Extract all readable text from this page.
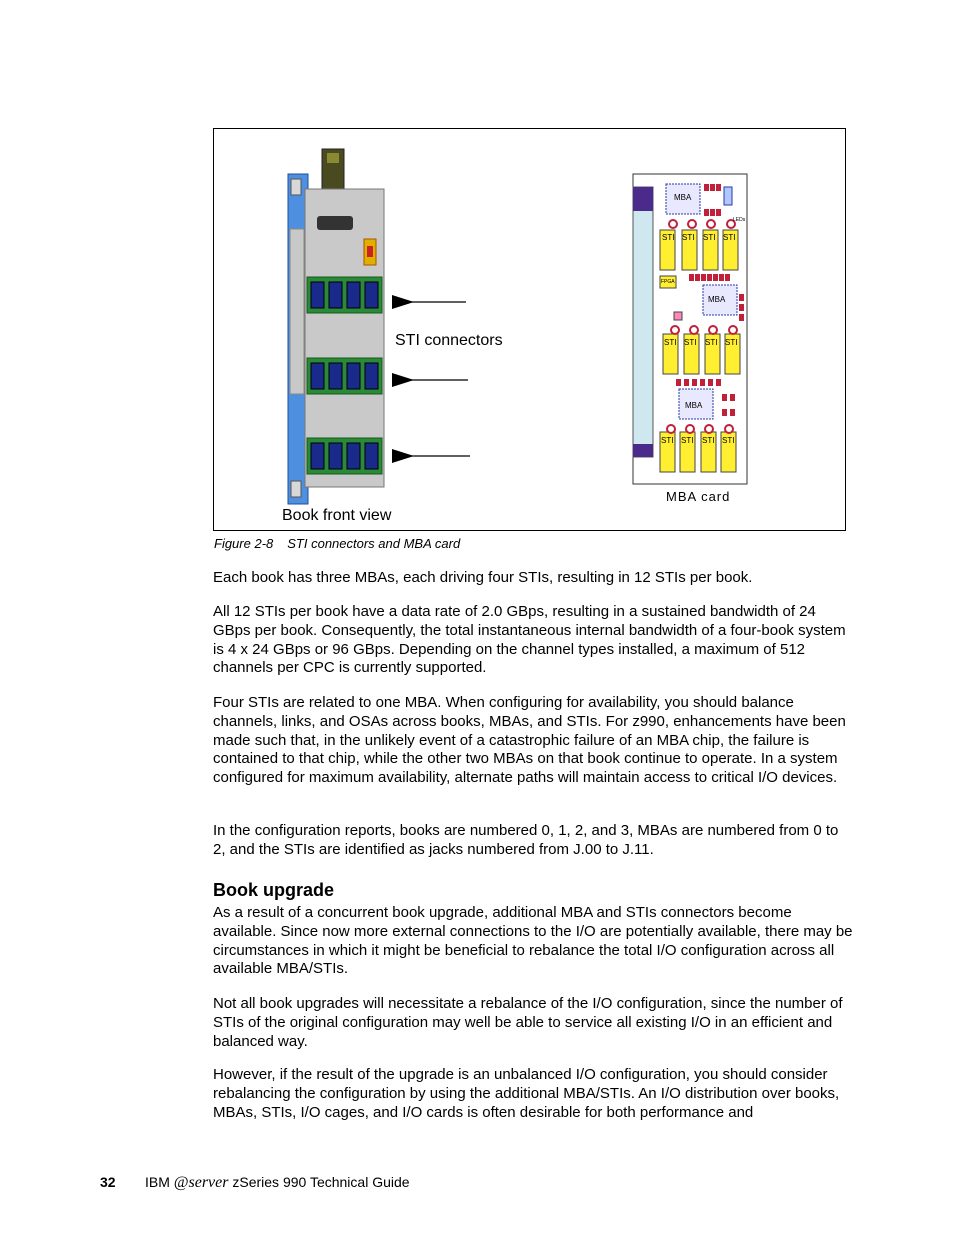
STI connectors
Book front view
MBA card
MBA
MBA
MBA
LEDs
FPGA
STI STI STI STI
STI STI STI STI
STI STI STI STI
Figure 2-8 STI connectors and MBA card

Each book has three MBAs, each driving four STIs, resulting in 12 STIs per book.

All 12 STIs per book have a data rate of 2.0 GBps, resulting in a sustained bandwidth of 24 GBps per book. Consequently, the total instantaneous internal bandwidth of a four-book system is 4 x 24 GBps or 96 GBps. Depending on the channel types installed, a maximum of 512 channels per CPC is currently supported.

Four STIs are related to one MBA. When configuring for availability, you should balance channels, links, and OSAs across books, MBAs, and STIs. For z990, enhancements have been made such that, in the unlikely event of a catastrophic failure of an MBA chip, the failure is contained to that chip, while the other two MBAs on that book continue to operate. In a system configured for maximum availability, alternate paths will maintain access to critical I/O devices.

In the configuration reports, books are numbered 0, 1, 2, and 3, MBAs are numbered from 0 to 2, and the STIs are identified as jacks numbered from J.00 to J.11.

Book upgrade

As a result of a concurrent book upgrade, additional MBA and STIs connectors become available. Since now more external connections to the I/O are potentially available, there may be circumstances in which it might be beneficial to rebalance the total I/O configuration across all available MBA/STIs.

Not all book upgrades will necessitate a rebalance of the I/O configuration, since the number of STIs of the original configuration may well be able to service all existing I/O in an efficient and balanced way.

However, if the result of the upgrade is an unbalanced I/O configuration, you should consider rebalancing the configuration by using the additional MBA/STIs. An I/O distribution over books, MBAs, STIs, I/O cages, and I/O cards is often desirable for both performance and

32 IBM @server zSeries 990 Technical Guide
